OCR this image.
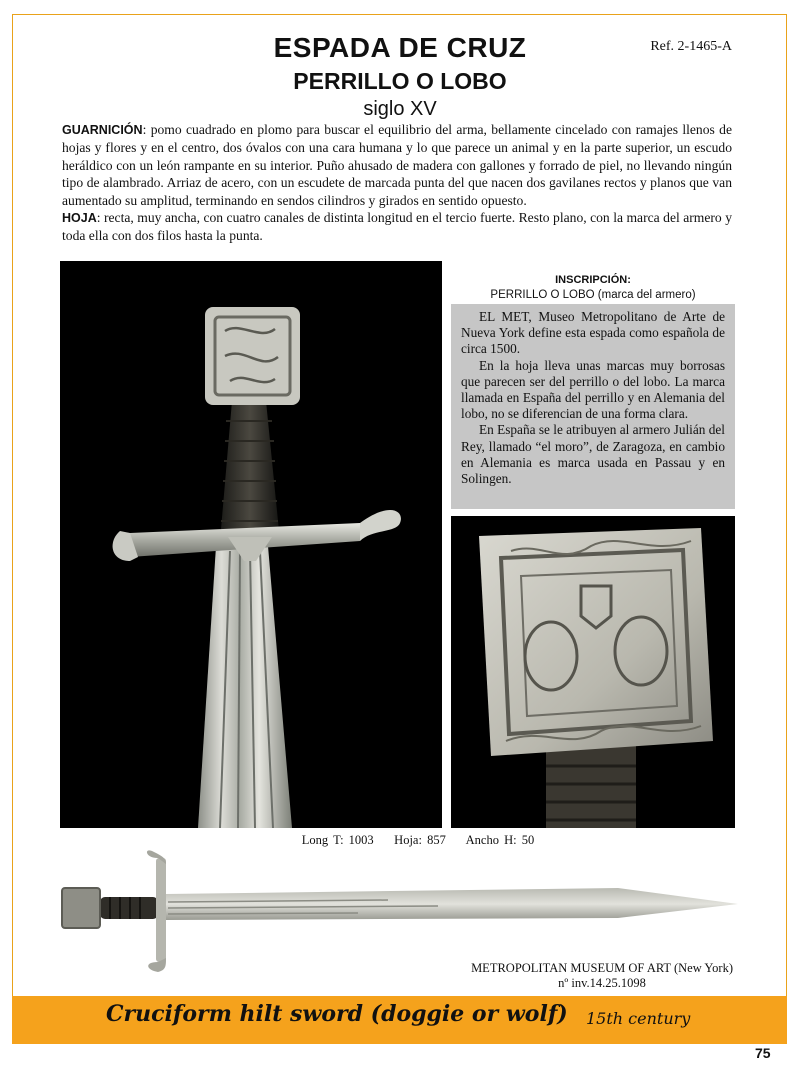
ESPADA DE CRUZ	Ref. 2-1465-A
PERRILLO O LOBO
siglo XV
GUARNICIÓN: pomo cuadrado en plomo para buscar el equilibrio del arma, bellamente cincelado con ramajes llenos de hojas y flores y en el centro, dos óvalos con una cara humana y lo que parece un animal y en la parte superior, un escudo heráldico con un león rampante en su interior. Puño ahusado de madera con gallones y forrado de piel, no llevando ningún tipo de alambrado. Arriaz de acero, con un escudete de marcada punta del que nacen dos gavilanes rectos y planos que van aumentado su amplitud, terminando en sendos cilindros y girados en sentido opuesto.
HOJA: recta, muy ancha, con cuatro canales de distinta longitud en el tercio fuerte. Resto plano, con la marca del armero y toda ella con dos filos hasta la punta.
INSCRIPCIÓN:
PERRILLO O LOBO (marca del armero)

EL MET, Museo Metropolitano de Arte de Nueva York define esta espada como española de circa 1500.

En la hoja lleva unas marcas muy borrosas que parecen ser del perrillo o del lobo. La marca llamada en España del perrillo y en Alemania del lobo, no se diferencian de una forma clara.

En España se le atribuyen al armero Julián del Rey, llamado “el moro”, de Zaragoza, en cambio en Alemania es marca usada en Passau y en Solingen.

Long T: 1003    Hoja: 857    Ancho H: 50
METROPOLITAN MUSEUM OF ART (New York)
nº inv.14.25.1098
Cruciform hilt sword (doggie or wolf) 15th century
75
